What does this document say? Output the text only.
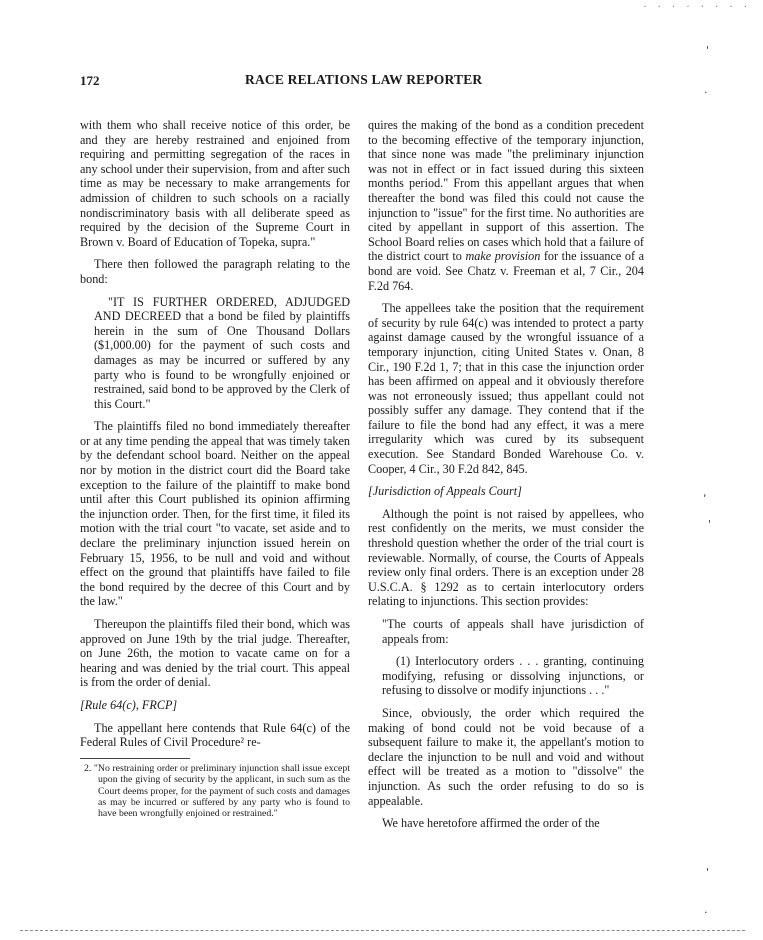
· · · · · · · ·
172	RACE RELATIONS LAW REPORTER

with them who shall receive notice of this order, be and they are hereby restrained and enjoined from requiring and permitting segregation of the races in any school under their supervision, from and after such time as may be necessary to make arrangements for admission of children to such schools on a racially nondiscriminatory basis with all deliberate speed as required by the decision of the Supreme Court in Brown v. Board of Education of Topeka, supra."

There then followed the paragraph relating to the bond:

"IT IS FURTHER ORDERED, ADJUDGED AND DECREED that a bond be filed by plaintiffs herein in the sum of One Thousand Dollars ($1,000.00) for the payment of such costs and damages as may be incurred or suffered by any party who is found to be wrongfully enjoined or restrained, said bond to be approved by the Clerk of this Court."

The plaintiffs filed no bond immediately thereafter or at any time pending the appeal that was timely taken by the defendant school board. Neither on the appeal nor by motion in the district court did the Board take exception to the failure of the plaintiff to make bond until after this Court published its opinion affirming the injunction order. Then, for the first time, it filed its motion with the trial court "to vacate, set aside and to declare the preliminary injunction issued herein on February 15, 1956, to be null and void and without effect on the ground that plaintiffs have failed to file the bond required by the decree of this Court and by the law."

Thereupon the plaintiffs filed their bond, which was approved on June 19th by the trial judge. Thereafter, on June 26th, the motion to vacate came on for a hearing and was denied by the trial court. This appeal is from the order of denial.

[Rule 64(c), FRCP]

The appellant here contends that Rule 64(c) of the Federal Rules of Civil Procedure² re-

2. "No restraining order or preliminary injunction shall issue except upon the giving of security by the applicant, in such sum as the Court deems proper, for the payment of such costs and damages as may be incurred or suffered by any party who is found to have been wrongfully enjoined or restrained."

quires the making of the bond as a condition precedent to the becoming effective of the temporary injunction, that since none was made "the preliminary injunction was not in effect or in fact issued during this sixteen months period." From this appellant argues that when thereafter the bond was filed this could not cause the injunction to "issue" for the first time. No authorities are cited by appellant in support of this assertion. The School Board relies on cases which hold that a failure of the district court to make provision for the issuance of a bond are void. See Chatz v. Freeman et al, 7 Cir., 204 F.2d 764.

The appellees take the position that the requirement of security by rule 64(c) was intended to protect a party against damage caused by the wrongful issuance of a temporary injunction, citing United States v. Onan, 8 Cir., 190 F.2d 1, 7; that in this case the injunction order has been affirmed on appeal and it obviously therefore was not erroneously issued; thus appellant could not possibly suffer any damage. They contend that if the failure to file the bond had any effect, it was a mere irregularity which was cured by its subsequent execution. See Standard Bonded Warehouse Co. v. Cooper, 4 Cir., 30 F.2d 842, 845.

[Jurisdiction of Appeals Court]

Although the point is not raised by appellees, who rest confidently on the merits, we must consider the threshold question whether the order of the trial court is reviewable. Normally, of course, the Courts of Appeals review only final orders. There is an exception under 28 U.S.C.A. § 1292 as to certain interlocutory orders relating to injunctions. This section provides:

"The courts of appeals shall have jurisdiction of appeals from:

(1) Interlocutory orders . . . granting, continuing modifying, refusing or dissolving injunctions, or refusing to dissolve or modify injunctions . . ."

Since, obviously, the order which required the making of bond could not be void because of a subsequent failure to make it, the appellant's motion to declare the injunction to be null and void and without effect will be treated as a motion to "dissolve" the injunction. As such the order refusing to do so is appealable.

We have heretofore affirmed the order of the

'
·
,
'
'
·
